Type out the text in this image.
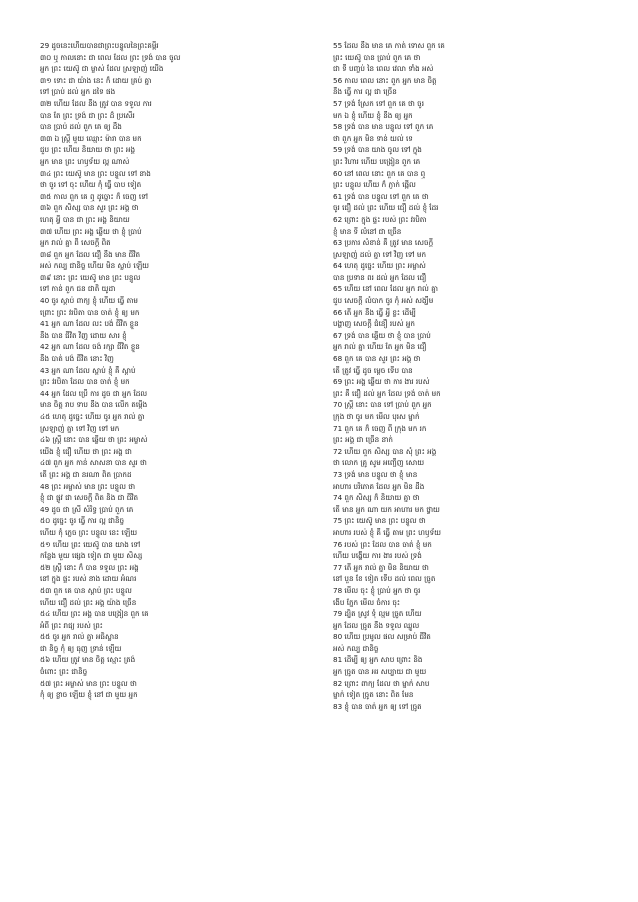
29 ដូចនេះហើយបានជាព្រះបន្ទូលនៃព្រះគម្ពីរ
៣០ ឬ កាលនោះ ជា ពេល ដែល ព្រះ ទ្រង់ បាន ចូល
អ្នក ព្រះ យេស៊ូ ជា ម្ចាស់ ដែល ស្រឡាញ់ យើង
៣១ ទោះ ជា យ៉ាង នេះ ក៏ ដោយ គ្រប់ គ្នា
ទៅ ប្រាប់ ដល់ អ្នក ដទៃ ផង
៣២ ហើយ ដែល នឹង ត្រូវ បាន ទទួល ការ
បាន តែ ព្រះ ទ្រង់ ជា ព្រះ ដ៏ ប្រសើរ
បាន ប្រាប់ ដល់ ពួក គេ ឲ្យ ដឹង
៣៣ ឯ ស្ត្រី មួយ ឈ្មោះ ម៉ារា បាន មក
ជួប ព្រះ ហើយ និយាយ ថា ព្រះ អង្គ
អ្នក មាន ព្រះ ហឫទ័យ ល្អ ណាស់
៣៤ ព្រះ យេស៊ូ មាន ព្រះ បន្ទូល ទៅ នាង
ថា ចូរ ទៅ ចុះ ហើយ កុំ ធ្វើ បាប ទៀត
៣៥ កាល ពួក គេ ឮ ដូច្នោះ ក៏ ចេញ ទៅ
៣៦ ពួក សិស្ស បាន សួរ ព្រះ អង្គ ថា
ហេតុ អ្វី បាន ជា ព្រះ អង្គ និយាយ
៣៧ ហើយ ព្រះ អង្គ ឆ្លើយ ថា ខ្ញុំ ប្រាប់
អ្នក រាល់ គ្នា ពី សេចក្ដី ពិត
៣៨ ពួក អ្នក ដែល ជឿ នឹង មាន ជីវិត
អស់ កល្ប ជានិច្ច ហើយ មិន ស្លាប់ ឡើយ
៣៩ នោះ ព្រះ យេស៊ូ មាន ព្រះ បន្ទូល
ទៅ កាន់ ពួក ជន ជាតិ យូដា
40 ចូរ ស្តាប់ ពាក្យ ខ្ញុំ ហើយ ធ្វើ តាម
ព្រោះ ព្រះ វរបិតា បាន ចាត់ ខ្ញុំ ឲ្យ មក
41 អ្នក ណា ដែល លះ បង់ ជីវិត ខ្លួន
នឹង បាន ជីវិត វិញ ដោយ សារ ខ្ញុំ
42 អ្នក ណា ដែល ចង់ រក្សា ជីវិត ខ្លួន
នឹង បាត់ បង់ ជីវិត នោះ វិញ
43 អ្នក ណា ដែល ស្ដាប់ ខ្ញុំ គឺ ស្ដាប់
ព្រះ វរបិតា ដែល បាន ចាត់ ខ្ញុំ មក
44 អ្នក ដែល ប្រើ ការ ដូច ជា អ្នក ដែល
មាន ចិត្ត រាប ទាប នឹង បាន លើក តម្កើង
៤៥ ហេតុ ដូច្នេះ ហើយ ចូរ អ្នក រាល់ គ្នា
ស្រឡាញ់ គ្នា ទៅ វិញ ទៅ មក
៤៦ ស្ត្រី នោះ បាន ឆ្លើយ ថា ព្រះ អម្ចាស់
យើង ខ្ញុំ ជឿ ហើយ ថា ព្រះ អង្គ ជា
៤៧ ពួក អ្នក កាន់ សាសនា បាន សួរ ថា
តើ ព្រះ អង្គ ជា នរណា ពិត ប្រាកដ
48 ព្រះ អម្ចាស់ មាន ព្រះ បន្ទូល ថា
ខ្ញុំ ជា ផ្លូវ ជា សេចក្ដី ពិត និង ជា ជីវិត
49 ដូច ជា ស្រី សំរិទ្ធ ប្រាប់ ពួក គេ
៥០ ដូច្នេះ ចូរ ធ្វើ ការ ល្អ ជានិច្ច
ហើយ កុំ ភ្លេច ព្រះ បន្ទូល នេះ ឡើយ
៥១ ហើយ ព្រះ យេស៊ូ បាន យាង ទៅ
កន្លែង មួយ ផ្សេង ទៀត ជា មួយ សិស្ស
៥២ ស្ត្រី នោះ ក៏ បាន ទទួល ព្រះ អង្គ
នៅ ក្នុង ផ្ទះ របស់ នាង ដោយ អំណរ
៥៣ ពួក គេ បាន ស្តាប់ ព្រះ បន្ទូល
ហើយ ជឿ ដល់ ព្រះ អង្គ យ៉ាង ច្រើន
៥៤ ហើយ ព្រះ អង្គ បាន បង្រៀន ពួក គេ
អំពី ព្រះ រាជ្យ របស់ ព្រះ
៥៥ ចូរ អ្នក រាល់ គ្នា អធិស្ឋាន
ជា និច្ច កុំ ឲ្យ ធុញ ទ្រាន់ ឡើយ
៥៦ ហើយ ត្រូវ មាន ចិត្ត ស្មោះ ត្រង់
ចំពោះ ព្រះ ជានិច្ច
៥៧ ព្រះ អម្ចាស់ មាន ព្រះ បន្ទូល ថា
កុំ ឲ្យ ខ្លាច ឡើយ ខ្ញុំ នៅ ជា មួយ អ្នក
55 ដែល នឹង មាន គេ កាត់ ទោស ពួក គេ
ព្រះ យេស៊ូ បាន ប្រាប់ ពួក គេ ថា
ជា ទី បញ្ចប់ នៃ ពេល វេលា ទាំង អស់
56 កាល ពេល នោះ ពួក អ្នក មាន ចិត្ត
នឹង ធ្វើ ការ ល្អ ជា ច្រើន
57 ទ្រង់ ស្រែក ទៅ ពួក គេ ថា ចូរ
មក ឯ ខ្ញុំ ហើយ ខ្ញុំ នឹង ឲ្យ អ្នក
58 ទ្រង់ បាន មាន បន្ទូល ទៅ ពួក គេ
ថា ពួក អ្នក មិន ទាន់ យល់ ទេ
59 ទ្រង់ បាន យាង ចូល ទៅ ក្នុង
ព្រះ វិហារ ហើយ បង្រៀន ពួក គេ
60 នៅ ពេល នោះ ពួក គេ បាន ឮ
ព្រះ បន្ទូល ហើយ ក៏ ភ្ញាក់ ផ្អើល
61 ទ្រង់ បាន បន្ទូល ទៅ ពួក គេ ថា
ចូរ ជឿ ដល់ ព្រះ ហើយ ជឿ ដល់ ខ្ញុំ ដែរ
62 ព្រោះ ក្នុង ផ្ទះ របស់ ព្រះ វរបិតា
ខ្ញុំ មាន ទី លំនៅ ជា ច្រើន
63 ប្រការ សំខាន់ គឺ ត្រូវ មាន សេចក្ដី
ស្រឡាញ់ ដល់ គ្នា ទៅ វិញ ទៅ មក
64 ហេតុ ដូច្នេះ ហើយ ព្រះ អម្ចាស់
បាន ប្រទាន ពរ ដល់ អ្នក ដែល ជឿ
65 ហើយ នៅ ពេល ដែល អ្នក រាល់ គ្នា
ជួប សេចក្ដី លំបាក ចូរ កុំ អស់ សង្ឃឹម
66 តើ អ្នក នឹង ធ្វើ អ្វី ខ្លះ ដើម្បី
បង្ហាញ សេចក្ដី ជំនឿ របស់ អ្នក
67 ទ្រង់ បាន ឆ្លើយ ថា ខ្ញុំ បាន ប្រាប់
អ្នក រាល់ គ្នា ហើយ តែ អ្នក មិន ជឿ
68 ពួក គេ បាន សួរ ព្រះ អង្គ ថា
តើ ត្រូវ ធ្វើ ដូច ម្ដេច ទើប បាន
69 ព្រះ អង្គ ឆ្លើយ ថា ការ ងារ របស់
ព្រះ គឺ ជឿ ដល់ អ្នក ដែល ទ្រង់ ចាត់ មក
70 ស្ត្រី នោះ បាន ទៅ ប្រាប់ ពួក អ្នក
ក្រុង ថា ចូរ មក មើល បុរស ម្នាក់
71 ពួក គេ ក៏ ចេញ ពី ក្រុង មក រក
ព្រះ អង្គ ជា ច្រើន នាក់
72 ហើយ ពួក សិស្ស បាន សុំ ព្រះ អង្គ
ថា លោក គ្រូ សូម អញ្ជើញ សោយ
73 ទ្រង់ មាន បន្ទូល ថា ខ្ញុំ មាន
អាហារ បរិភោគ ដែល អ្នក មិន ដឹង
74 ពួក សិស្ស ក៏ និយាយ គ្នា ថា
តើ មាន អ្នក ណា យក អាហារ មក ថ្វាយ
75 ព្រះ យេស៊ូ មាន ព្រះ បន្ទូល ថា
អាហារ របស់ ខ្ញុំ គឺ ធ្វើ តាម ព្រះ ហឫទ័យ
76 របស់ ព្រះ ដែល បាន ចាត់ ខ្ញុំ មក
ហើយ បង្ហើយ ការ ងារ របស់ ទ្រង់
77 តើ អ្នក រាល់ គ្នា មិន និយាយ ថា
នៅ បួន ខែ ទៀត ទើប ដល់ ពេល ច្រូត
78 មើល ចុះ ខ្ញុំ ប្រាប់ អ្នក ថា ចូរ
ងើប ភ្នែក មើល ចំការ ចុះ
79 ដ្បិត ស្រូវ ទុំ ល្មម ច្រូត ហើយ
អ្នក ដែល ច្រូត នឹង ទទួល ឈ្នួល
80 ហើយ ប្រមូល ផល សម្រាប់ ជីវិត
អស់ កល្ប ជានិច្ច
81 ដើម្បី ឲ្យ អ្នក សាប ព្រោះ និង
អ្នក ច្រូត បាន អរ សប្បាយ ជា មួយ
82 ព្រោះ ពាក្យ ដែល ថា ម្នាក់ សាប
ម្នាក់ ទៀត ច្រូត នោះ ពិត មែន
83 ខ្ញុំ បាន ចាត់ អ្នក ឲ្យ ទៅ ច្រូត
